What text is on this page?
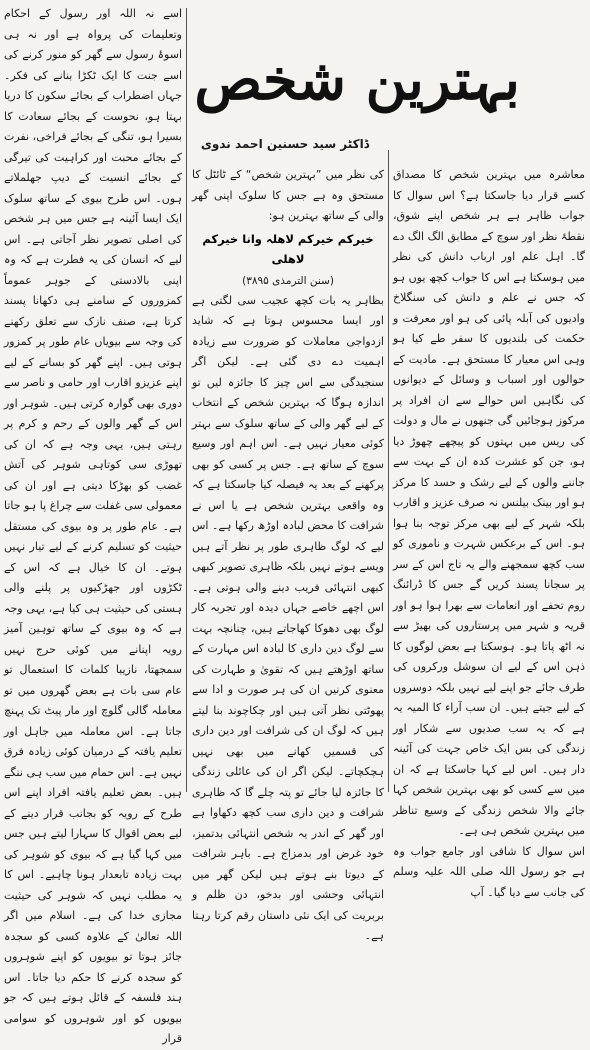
بہترین شخص
ڈاکٹر سید حسنین احمد ندوی

معاشرہ میں بہترین شخص کا مصداق کسے قرار دیا جاسکتا ہے؟ اس سوال کا جواب ظاہر ہے ہر شخص اپنے شوق، نقطۂ نظر اور سوچ کے مطابق الگ الگ دے گا۔ اہل علم اور ارباب دانش کی نظر میں ہوسکتا ہے اس کا جواب کچھ یوں ہو کہ جس نے علم و دانش کی سنگلاخ وادیوں کی آبلہ پائی کی ہو اور معرفت و حکمت کی بلندیوں کا سفر طے کیا ہو وہی اس معیار کا مستحق ہے۔ مادیت کے حوالوں اور اسباب و وسائل کے دیوانوں کی نگاہیں اس حوالے سے ان افراد پر مرکوز ہوجائیں گی جنھوں نے مال و دولت کی ریس میں بہتوں کو پیچھے چھوڑ دیا ہو، جن کو عشرت کدہ ان کے بہت سے جاننے والوں کے لیے رشک و حسد کا مرکز ہو اور بینک بیلنس نہ صرف عزیز و اقارب بلکہ شہر کے لیے بھی مرکز توجہ بنا ہوا ہو۔ اس کے برعکس شہرت و ناموری کو سب کچھ سمجھنے والے یہ تاج اس کے سر پر سجانا پسند کریں گے جس کا ڈرائنگ روم تحفے اور انعامات سے بھرا ہوا ہو اور قریہ و شہر میں پرستاروں کی بھیڑ سے نہ اٹھ پاتا ہو۔ ہوسکتا ہے بعض لوگوں کا ذہن اس کے لیے ان سوشل ورکروں کی طرف جائے جو اپنے لیے نہیں بلکہ دوسروں کے لیے جیتے ہیں۔ ان سب آراء کا المیہ یہ ہے کہ یہ سب صدیوں سے شکار اور زندگی کی بس ایک خاص جہت کی آئینہ دار ہیں۔ اس لیے کہا جاسکتا ہے کہ ان میں سے کسی کو بھی بہترین شخص کہا جائے والا شخص زندگی کے وسیع تناظر میں بہترین شخص ہی ہے۔

اس سوال کا شافی اور جامع جواب وہ ہے جو رسول اللہ صلی اللہ علیہ وسلم کی جانب سے دیا گیا۔ آپ

کی نظر میں ”بہترین شخص“ کے ٹائٹل کا مستحق وہ ہے جس کا سلوک اپنی گھر والی کے ساتھ بہترین ہو:

خیرکم خیرکم لاھلہ وانا خیرکم لاھلی
(سنن الترمذی ۳۸۹۵)

بظاہر یہ بات کچھ عجیب سی لگتی ہے اور ایسا محسوس ہوتا ہے کہ شاید ازدواجی معاملات کو ضرورت سے زیادہ اہمیت دے دی گئی ہے۔ لیکن اگر سنجیدگی سے اس چیز کا جائزہ لیں تو اندازہ ہوگا کہ بہترین شخص کے انتخاب کے لیے گھر والی کے ساتھ سلوک سے بہتر کوئی معیار نہیں ہے۔ اس اہم اور وسیع سوچ کے ساتھ ہے۔ جس پر کسی کو بھی پرکھنے کے بعد یہ فیصلہ کیا جاسکتا ہے کہ وہ واقعی بہترین شخص ہے یا اس نے شرافت کا محض لبادہ اوڑھ رکھا ہے۔ اس لیے کہ لوگ ظاہری طور پر نظر آتے ہیں ویسے ہوتے نہیں بلکہ ظاہری تصویر کبھی کبھی انتہائی فریب دینے والی ہوتی ہے۔ اس اچھے خاصے جہاں دیدہ اور تجربہ کار لوگ بھی دھوکا کھاجاتے ہیں، چنانچہ بہت سے لوگ دین داری کا لبادہ اس مہارت کے ساتھ اوڑھتے ہیں کہ تقویٰ و طہارت کی معنوی کرنیں ان کی ہر صورت و ادا سے پھوٹتی نظر آتی ہیں اور چکاچوند بنا لیتے ہیں کہ لوگ ان کی شرافت اور دین داری کی قسمیں کھانے میں بھی نہیں ہچکچاتے۔ لیکن اگر ان کی عائلی زندگی کا جائزہ لیا جائے تو پتہ چلے گا کہ ظاہری شرافت و دین داری سب کچھ دکھاوا ہے اور گھر کے اندر یہ شخص انتہائی بدتمیز، خود غرض اور بدمزاج ہے۔ باہر شرافت کے دیوتا بنے ہوتے ہیں لیکن گھر میں انتہائی وحشی اور بدخو، دن ظلم و بربریت کی ایک نئی داستان رقم کرتا رہتا ہے۔

اسے نہ اللہ اور رسول کے احکام وتعلیمات کی پرواہ ہے اور نہ ہی اسوۂ رسول سے گھر کو منور کرنے کی اسے جنت کا ایک ٹکڑا بنانے کی فکر۔ جہاں اضطراب کے بجائے سکون کا دریا بہتا ہو، نحوست کے بجائے سعادت کا بسیرا ہو، تنگی کے بجائے فراخی، نفرت کے بجائے محبت اور کراہیت کی تیرگی کے بجائے انسیت کے دیپ جھلملاتے ہوں۔ اس طرح بیوی کے ساتھ سلوک ایک ایسا آئینہ ہے جس میں ہر شخص کی اصلی تصویر نظر آجاتی ہے۔ اس لیے کہ انسان کی یہ فطرت ہے کہ وہ اپنی بالادستی کے جوہر عموماً کمزوروں کے سامنے ہی دکھانا پسند کرتا ہے، صنف نازک سے تعلق رکھنے کی وجہ سے بیویاں عام طور پر کمزور ہوتی ہیں۔ اپنے گھر کو بسانے کے لیے اپنے عزیزو اقارب اور حامی و ناصر سے دوری بھی گوارہ کرتی ہیں۔ شوہر اور اس کے گھر والوں کے رحم و کرم پر رہتی ہیں، یہی وجہ ہے کہ ان کی تھوڑی سی کوتاہی شوہر کی آتش غضب کو بھڑکا دیتی ہے اور ان کی معمولی سی غفلت سے چراغ پا ہو جاتا ہے۔ عام طور پر وہ بیوی کی مستقل حیثیت کو تسلیم کرنے کے لیے تیار نہیں ہوتے۔ ان کا خیال ہے کہ اس کے ٹکڑوں اور جھڑکیوں پر پلنے والی ہستی کی حیثیت ہی کیا ہے، یہی وجہ ہے کہ وہ بیوی کے ساتھ توہین آمیز رویہ اپنانے میں کوئی حرج نہیں سمجھتا، نازیبا کلمات کا استعمال تو عام سی بات ہے بعض گھروں میں تو معاملہ گالی گلوچ اور مار پیٹ تک پہنچ جاتا ہے۔ اس معاملہ میں جاہل اور تعلیم یافتہ کے درمیان کوئی زیادہ فرق نہیں ہے۔ اس حمام میں سب ہی ننگے ہیں۔ بعض تعلیم یافتہ افراد اپنے اس طرح کے رویہ کو بجانب قرار دینے کے لیے بعض اقوال کا سہارا لیتے ہیں جس میں کہا گیا ہے کہ بیوی کو شوہر کی بہت زیادہ تابعدار ہونا چاہیے۔ اس کا یہ مطلب نہیں کہ شوہر کی حیثیت مجازی خدا کی ہے۔ اسلام میں اگر اللہ تعالیٰ کے علاوہ کسی کو سجدہ جائز ہوتا تو بیویوں کو اپنے شوہروں کو سجدہ کرنے کا حکم دیا جاتا۔ اس ہند فلسفہ کے قائل ہوتے ہیں کہ جو بیویوں کو اور شوہروں کو سوامی قرار
